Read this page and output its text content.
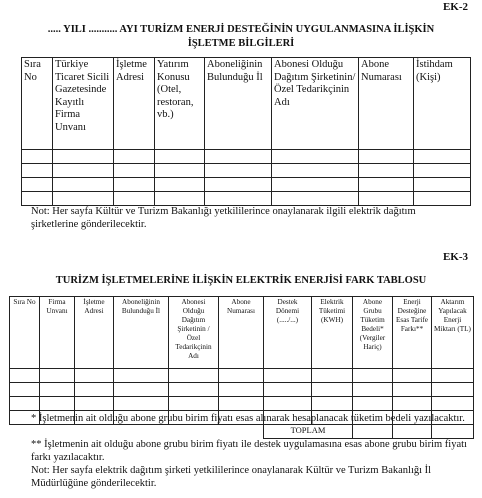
EK-2
..... YILI ........... AYI TURİZM ENERJİ DESTEĞİNİN UYGULANMASINA İLİŞKİN
İŞLETME BİLGİLERİ
Sıra No	Türkiye Ticaret Sicili Gazetesinde Kayıtlı Firma Unvanı	İşletme Adresi	Yatırım Konusu (Otel, restoran, vb.)	Aboneliğinin Bulunduğu İl	Abonesi Olduğu Dağıtım Şirketinin/Özel Tedarikçinin Adı	Abone Numarası	İstihdam (Kişi)

Not: Her sayfa Kültür ve Turizm Bakanlığı yetkililerince onaylanarak ilgili elektrik dağıtım şirketlerine gönderilecektir.
EK-3
TURİZM İŞLETMELERİNE İLİŞKİN ELEKTRİK ENERJİSİ FARK TABLOSU
Sıra No	Firma Unvanı	İşletme Adresi	Aboneliğinin Bulunduğu İl	Abonesi Olduğu Dağıtım Şirketinin /Özel Tedarikçinin Adı	Abone Numarası	Destek Dönemi (...../...)	Elektrik Tüketimi (KWH)	Abone Grubu Tüketim Bedeli* (Vergiler Hariç)	Enerji Desteğine Esas Tarife Farkı**	Aktarım Yapılacak Enerji Miktarı (TL)

						TOPLAM				
* İşletmenin ait olduğu abone grubu birim fiyatı esas alınarak hesaplanacak tüketim bedeli yazılacaktır.
** İşletmenin ait olduğu abone grubu birim fiyatı ile destek uygulamasına esas abone grubu birim fiyatı farkı yazılacaktır.
Not: Her sayfa elektrik dağıtım şirketi yetkililerince onaylanarak Kültür ve Turizm Bakanlığı İl Müdürlüğüne gönderilecektir.
